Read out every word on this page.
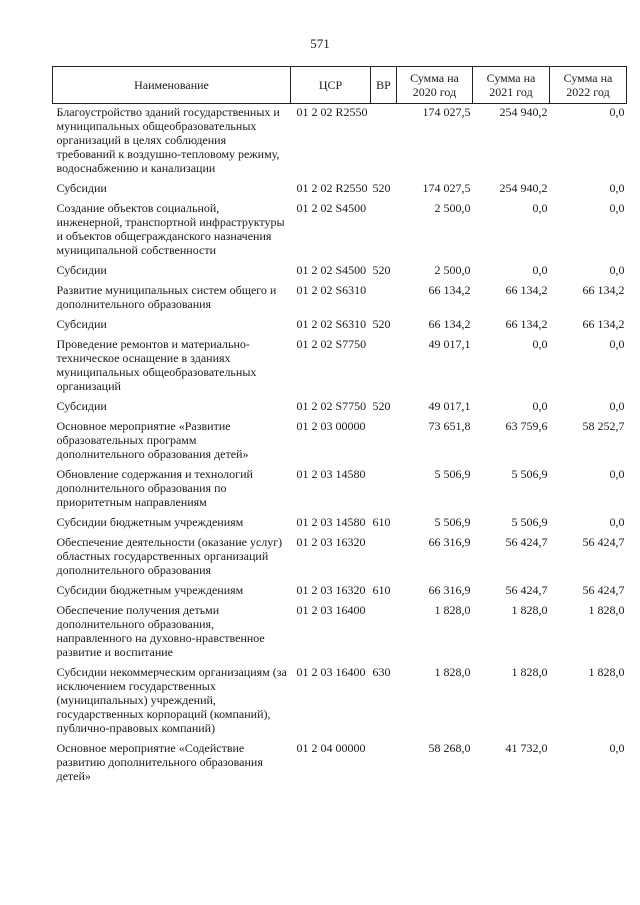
571
Наименование	ЦСР	ВР	Сумма на 2020 год	Сумма на 2021 год	Сумма на 2022 год
Благоустройство зданий государственных и муниципальных общеобразовательных организаций в целях соблюдения требований к воздушно-тепловому режиму, водоснабжению и канализации	01 2 02 R2550		174 027,5	254 940,2	0,0
Субсидии	01 2 02 R2550	520	174 027,5	254 940,2	0,0
Создание объектов социальной, инженерной, транспортной инфраструктуры и объектов общегражданского назначения муниципальной собственности	01 2 02 S4500		2 500,0	0,0	0,0
Субсидии	01 2 02 S4500	520	2 500,0	0,0	0,0
Развитие муниципальных систем общего и дополнительного образования	01 2 02 S6310		66 134,2	66 134,2	66 134,2
Субсидии	01 2 02 S6310	520	66 134,2	66 134,2	66 134,2
Проведение ремонтов и материально-техническое оснащение в зданиях муниципальных общеобразовательных организаций	01 2 02 S7750		49 017,1	0,0	0,0
Субсидии	01 2 02 S7750	520	49 017,1	0,0	0,0
Основное мероприятие «Развитие образовательных программ дополнительного образования детей»	01 2 03 00000		73 651,8	63 759,6	58 252,7
Обновление содержания и технологий дополнительного образования по приоритетным направлениям	01 2 03 14580		5 506,9	5 506,9	0,0
Субсидии бюджетным учреждениям	01 2 03 14580	610	5 506,9	5 506,9	0,0
Обеспечение деятельности (оказание услуг) областных государственных организаций дополнительного образования	01 2 03 16320		66 316,9	56 424,7	56 424,7
Субсидии бюджетным учреждениям	01 2 03 16320	610	66 316,9	56 424,7	56 424,7
Обеспечение получения детьми дополнительного образования, направленного на духовно-нравственное развитие и воспитание	01 2 03 16400		1 828,0	1 828,0	1 828,0
Субсидии некоммерческим организациям (за исключением государственных (муниципальных) учреждений, государственных корпораций (компаний), публично-правовых компаний)	01 2 03 16400	630	1 828,0	1 828,0	1 828,0
Основное мероприятие «Содействие развитию дополнительного образования детей»	01 2 04 00000		58 268,0	41 732,0	0,0
